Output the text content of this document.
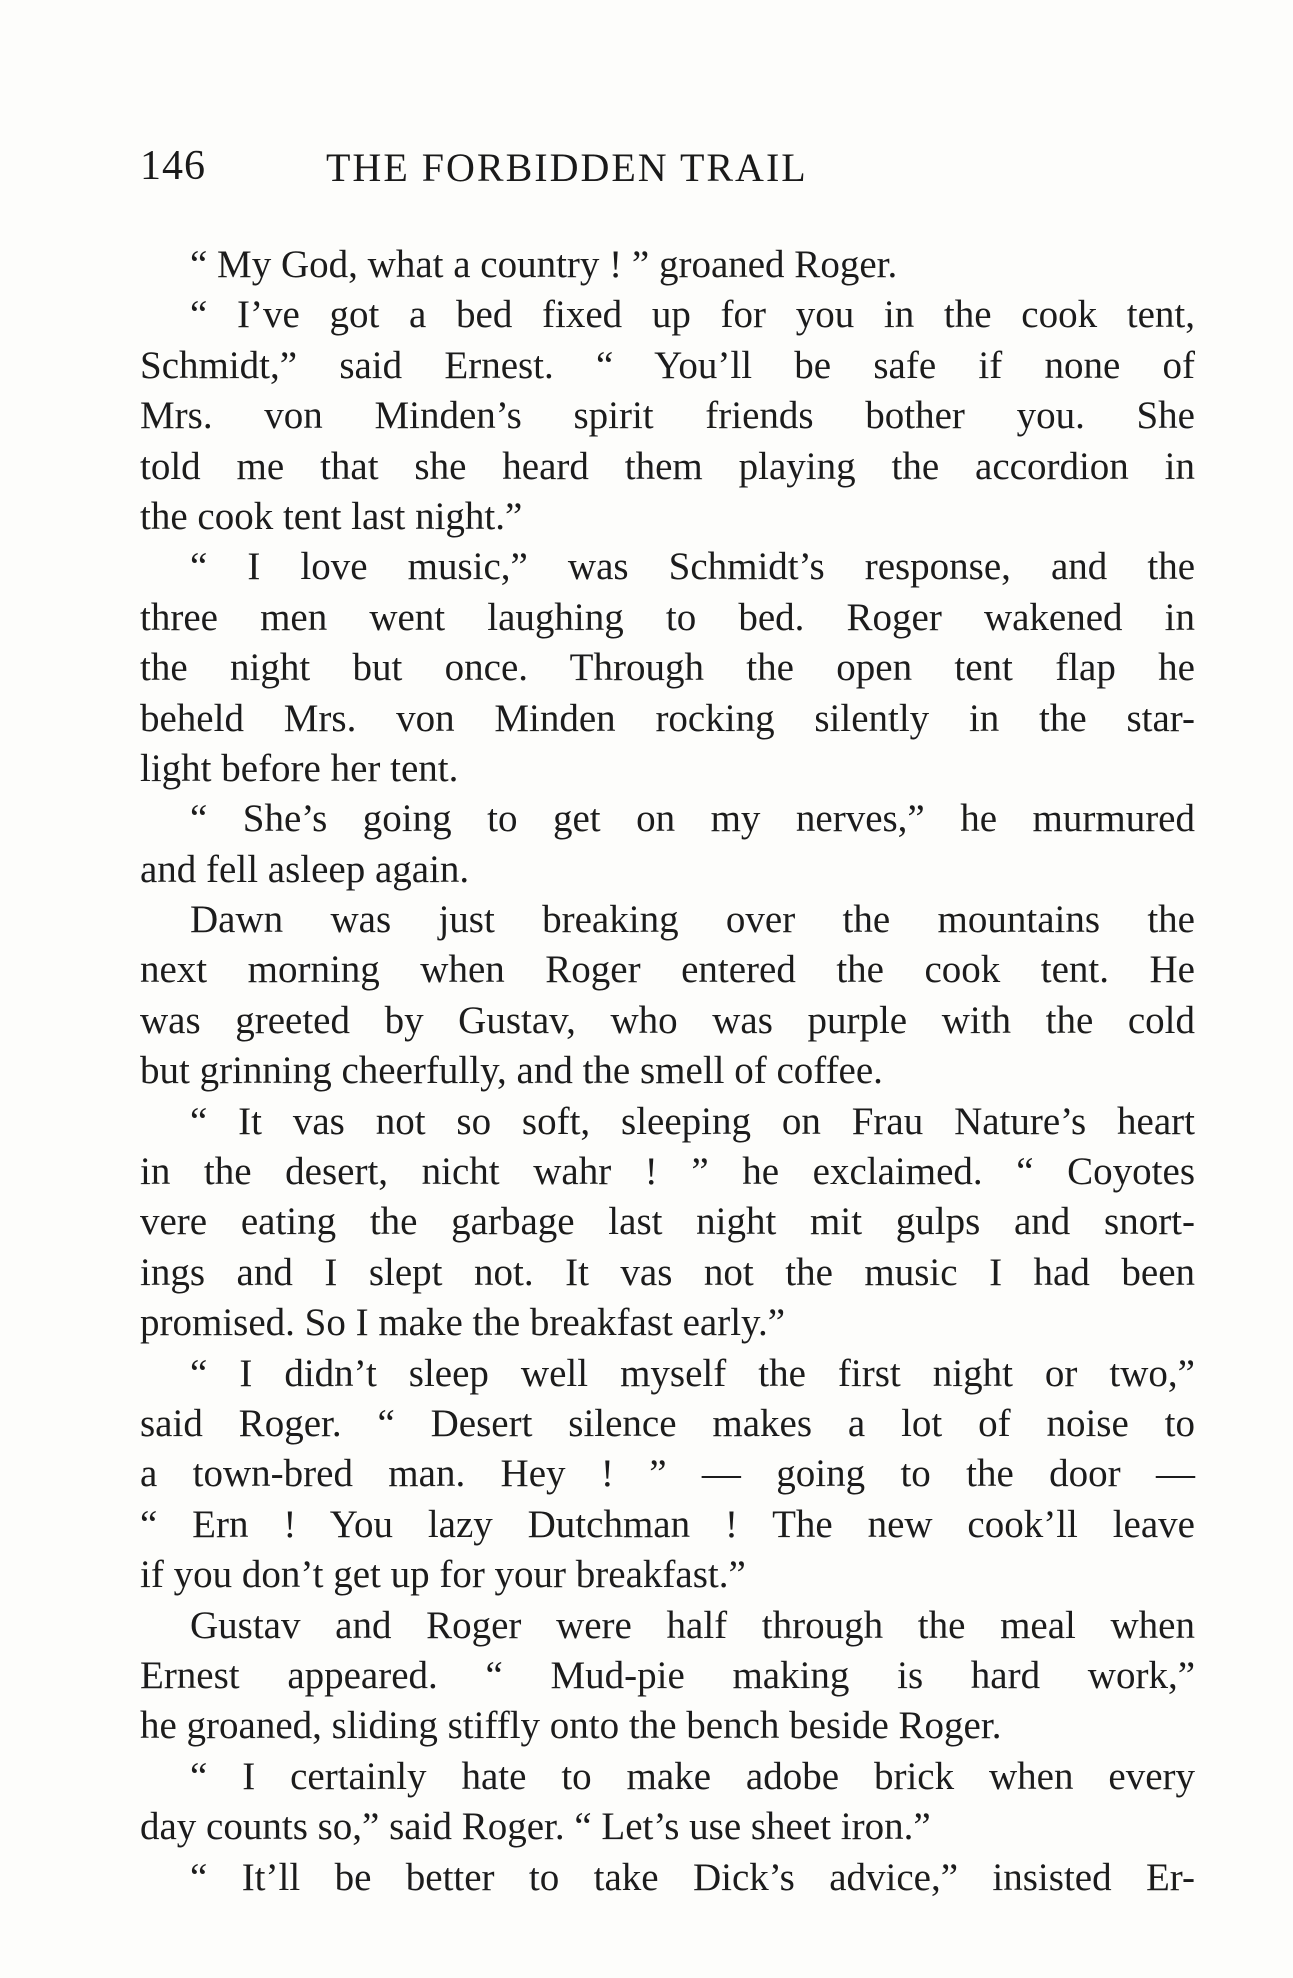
146	THE FORBIDDEN TRAIL
“ My God, what a country ! ” groaned Roger.
“ I’ve got a bed fixed up for you in the cook tent,
Schmidt,” said Ernest. “ You’ll be safe if none of
Mrs. von Minden’s spirit friends bother you. She
told me that she heard them playing the accordion in
the cook tent last night.”
“ I love music,” was Schmidt’s response, and the
three men went laughing to bed. Roger wakened in
the night but once. Through the open tent flap he
beheld Mrs. von Minden rocking silently in the star-
light before her tent.
“ She’s going to get on my nerves,” he murmured
and fell asleep again.
Dawn was just breaking over the mountains the
next morning when Roger entered the cook tent. He
was greeted by Gustav, who was purple with the cold
but grinning cheerfully, and the smell of coffee.
“ It vas not so soft, sleeping on Frau Nature’s heart
in the desert, nicht wahr ! ” he exclaimed. “ Coyotes
vere eating the garbage last night mit gulps and snort-
ings and I slept not. It vas not the music I had been
promised. So I make the breakfast early.”
“ I didn’t sleep well myself the first night or two,”
said Roger. “ Desert silence makes a lot of noise to
a town-bred man. Hey ! ” — going to the door —
“ Ern ! You lazy Dutchman ! The new cook’ll leave
if you don’t get up for your breakfast.”
Gustav and Roger were half through the meal when
Ernest appeared. “ Mud-pie making is hard work,”
he groaned, sliding stiffly onto the bench beside Roger.
“ I certainly hate to make adobe brick when every
day counts so,” said Roger. “ Let’s use sheet iron.”
“ It’ll be better to take Dick’s advice,” insisted Er-
